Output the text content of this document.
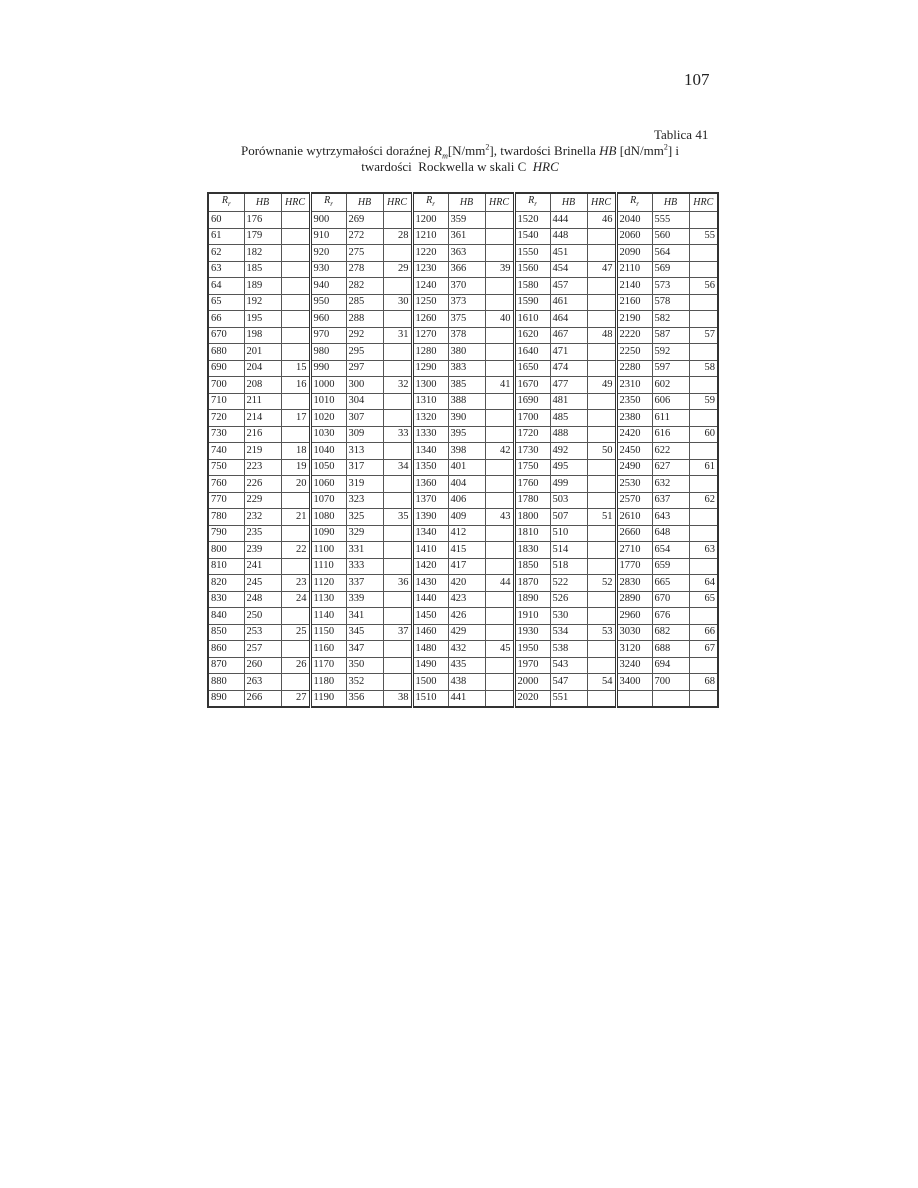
107
Tablica 41
Porównanie wytrzymałości doraźnej $R_m[N/mm^2]$, twardości Brinella HB $[dN/mm^2]$ i
twardości  Rockwella w skali C  HRC
$R_r$	HB	HRC	$R_r$	HB	HRC	$R_r$	HB	HRC	$R_r$	HB	HRC	$R_r$	HB	HRC
60	176		900	269		1200	359		1520	444	46	2040	555	
61	179		910	272	28	1210	361		1540	448		2060	560	55
62	182		920	275		1220	363		1550	451		2090	564	
63	185		930	278	29	1230	366	39	1560	454	47	2110	569	
64	189		940	282		1240	370		1580	457		2140	573	56
65	192		950	285	30	1250	373		1590	461		2160	578	
66	195		960	288		1260	375	40	1610	464		2190	582	
670	198		970	292	31	1270	378		1620	467	48	2220	587	57
680	201		980	295		1280	380		1640	471		2250	592	
690	204	15	990	297		1290	383		1650	474		2280	597	58
700	208	16	1000	300	32	1300	385	41	1670	477	49	2310	602	
710	211		1010	304		1310	388		1690	481		2350	606	59
720	214	17	1020	307		1320	390		1700	485		2380	611	
730	216		1030	309	33	1330	395		1720	488		2420	616	60
740	219	18	1040	313		1340	398	42	1730	492	50	2450	622	
750	223	19	1050	317	34	1350	401		1750	495		2490	627	61
760	226	20	1060	319		1360	404		1760	499		2530	632	
770	229		1070	323		1370	406		1780	503		2570	637	62
780	232	21	1080	325	35	1390	409	43	1800	507	51	2610	643	
790	235		1090	329		1340	412		1810	510		2660	648	
800	239	22	1100	331		1410	415		1830	514		2710	654	63
810	241		1110	333		1420	417		1850	518		1770	659	
820	245	23	1120	337	36	1430	420	44	1870	522	52	2830	665	64
830	248	24	1130	339		1440	423		1890	526		2890	670	65
840	250		1140	341		1450	426		1910	530		2960	676	
850	253	25	1150	345	37	1460	429		1930	534	53	3030	682	66
860	257		1160	347		1480	432	45	1950	538		3120	688	67
870	260	26	1170	350		1490	435		1970	543		3240	694	
880	263		1180	352		1500	438		2000	547	54	3400	700	68
890	266	27	1190	356	38	1510	441		2020	551				
